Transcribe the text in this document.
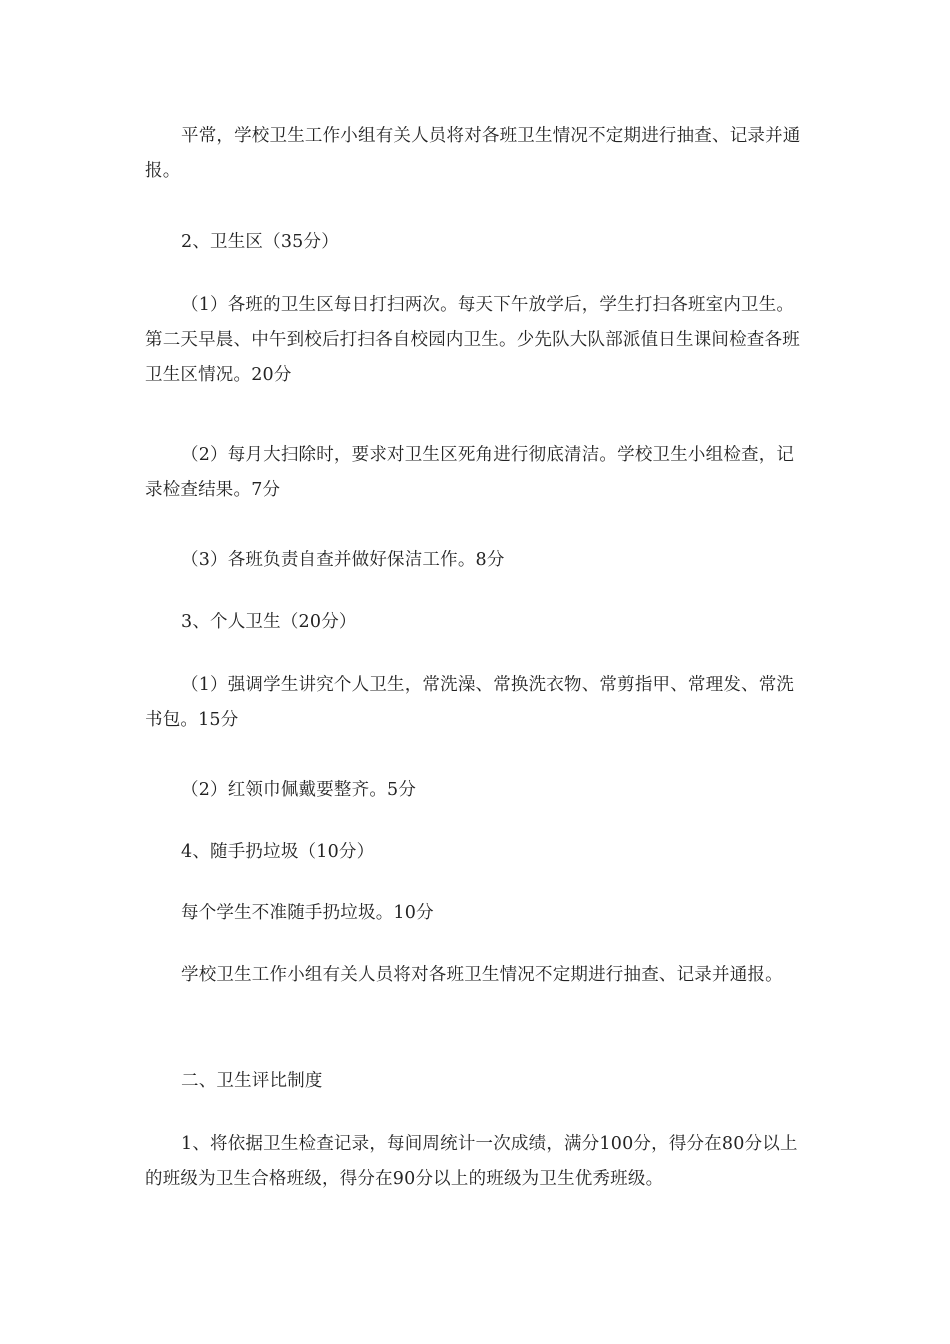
平常，学校卫生工作小组有关人员将对各班卫生情况不定期进行抽查、记录并通报。

2、卫生区（35分）

（1）各班的卫生区每日打扫两次。每天下午放学后，学生打扫各班室内卫生。第二天早晨、中午到校后打扫各自校园内卫生。少先队大队部派值日生课间检查各班卫生区情况。20分

（2）每月大扫除时，要求对卫生区死角进行彻底清洁。学校卫生小组检查，记录检查结果。7分

（3）各班负责自查并做好保洁工作。8分

3、个人卫生（20分）

（1）强调学生讲究个人卫生，常洗澡、常换洗衣物、常剪指甲、常理发、常洗书包。15分

（2）红领巾佩戴要整齐。5分

4、随手扔垃圾（10分）

每个学生不准随手扔垃圾。10分

学校卫生工作小组有关人员将对各班卫生情况不定期进行抽查、记录并通报。

二、卫生评比制度

1、将依据卫生检查记录，每间周统计一次成绩，满分100分，得分在80分以上的班级为卫生合格班级，得分在90分以上的班级为卫生优秀班级。
